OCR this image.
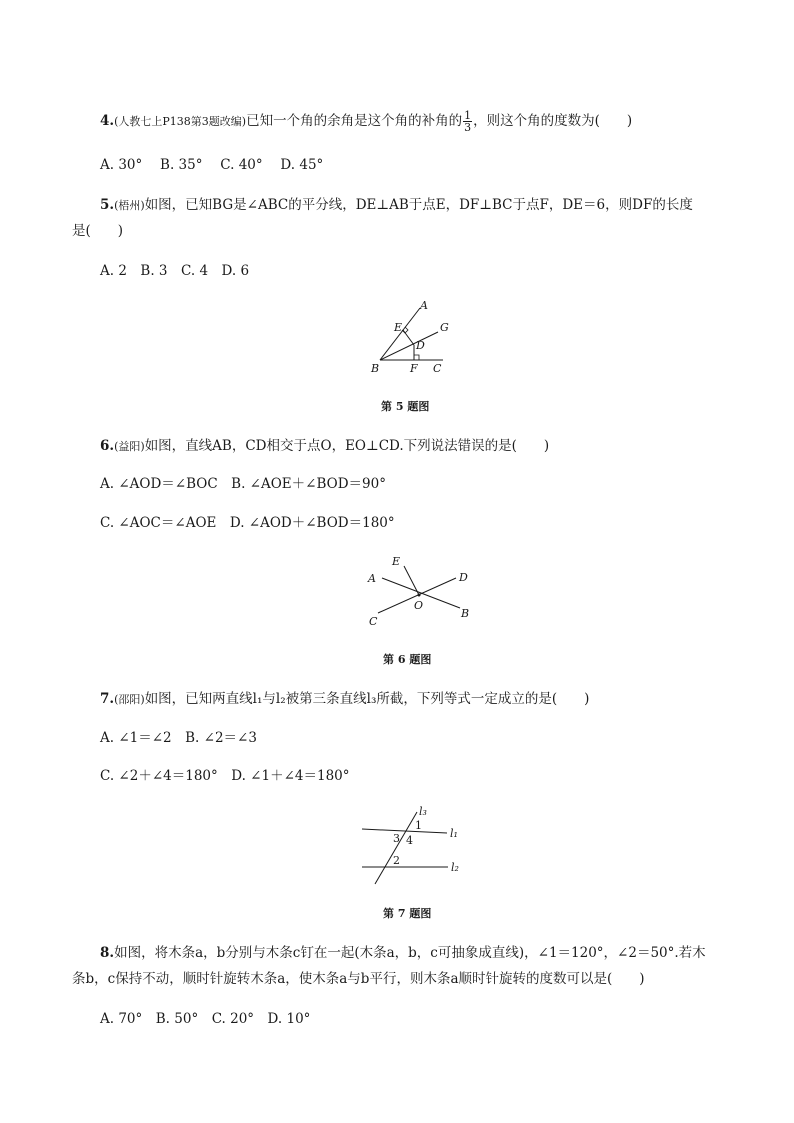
4.(人教七上P138第3题改编)已知一个角的余角是这个角的补角的 $\frac{1}{3}$ ，则这个角的度数为(　　)
A. 30°　 B. 35°　 C. 40°　 D. 45°
5.(梧州)如图，已知BG是∠ABC的平分线，DE⊥AB于点E，DF⊥BC于点F，DE＝6，则DF的长度
是(　　)
A. 2　B. 3　C. 4　D. 6
A
E	G
D
B	F C
第 5 题图
6.(益阳)如图，直线AB，CD相交于点O，EO⊥CD.下列说法错误的是(　　)
A. ∠AOD＝∠BOC　B. ∠AOE＋∠BOD＝90°
C. ∠AOC＝∠AOE　D. ∠AOD＋∠BOD＝180°
E
D
A
O
B
C
第 6 题图
7.(邵阳)如图，已知两直线l₁与l₂被第三条直线l₃所截，下列等式一定成立的是(　　)
A. ∠1＝∠2　B. ∠2＝∠3
C. ∠2＋∠4＝180°　D. ∠1＋∠4＝180°
l₃
l₁
l₂
1
3 4
2
第 7 题图
8.如图，将木条a，b分别与木条c钉在一起(木条a，b，c可抽象成直线)，∠1＝120°，∠2＝50°.若木
条b，c保持不动，顺时针旋转木条a，使木条a与b平行，则木条a顺时针旋转的度数可以是(　　)
A. 70°　B. 50°　C. 20°　D. 10°
